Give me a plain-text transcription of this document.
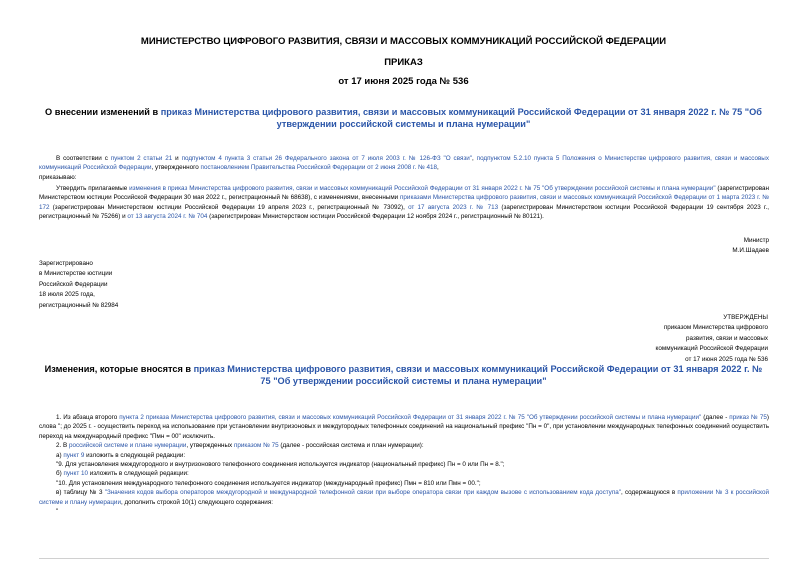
МИНИСТЕРСТВО ЦИФРОВОГО РАЗВИТИЯ, СВЯЗИ И МАССОВЫХ КОММУНИКАЦИЙ РОССИЙСКОЙ ФЕДЕРАЦИИ
ПРИКАЗ
от 17 июня 2025 года № 536
О внесении изменений в приказ Министерства цифрового развития, связи и массовых коммуникаций Российской Федерации от 31 января 2022 г. № 75 "Об утверждении российской системы и плана нумерации"

В соответствии с пунктом 2 статьи 21 и подпунктом 4 пункта 3 статьи 26 Федерального закона от 7 июля 2003 г. № 126-ФЗ "О связи", подпунктом 5.2.10 пункта 5 Положения о Министерстве цифрового развития, связи и массовых коммуникаций Российской Федерации, утвержденного постановлением Правительства Российской Федерации от 2 июня 2008 г. № 418,

приказываю:

Утвердить прилагаемые изменения в приказ Министерства цифрового развития, связи и массовых коммуникаций Российской Федерации от 31 января 2022 г. № 75 "Об утверждении российской системы и плана нумерации" (зарегистрирован Министерством юстиции Российской Федерации 30 мая 2022 г., регистрационный № 68638), с изменениями, внесенными приказами Министерства цифрового развития, связи и массовых коммуникаций Российской Федерации от 1 марта 2023 г. № 172 (зарегистрирован Министерством юстиции Российской Федерации 19 апреля 2023 г., регистрационный № 73092), от 17 августа 2023 г. № 713 (зарегистрирован Министерством юстиции Российской Федерации 19 сентября 2023 г., регистрационный № 75266) и от 13 августа 2024 г. № 704 (зарегистрирован Министерством юстиции Российской Федерации 12 ноября 2024 г., регистрационный № 80121).

Министр
М.И.Шадаев
Зарегистрировано
в Министерстве юстиции
Российской Федерации
18 июля 2025 года,
регистрационный № 82984
УТВЕРЖДЕНЫ
приказом Министерства цифрового
развития, связи и массовых
коммуникаций Российской Федерации
от 17 июня 2025 года № 536
Изменения, которые вносятся в приказ Министерства цифрового развития, связи и массовых коммуникаций Российской Федерации от 31 января 2022 г. № 75 "Об утверждении российской системы и плана нумерации"

1. Из абзаца второго пункта 2 приказа Министерства цифрового развития, связи и массовых коммуникаций Российской Федерации от 31 января 2022 г. № 75 "Об утверждении российской системы и плана нумерации" (далее - приказ № 75) слова "; до 2025 г. - осуществить переход на использование при установлении внутризоновых и междугородных телефонных соединений на национальный префикс "Пн = 0", при установлении международных телефонных соединений осуществить переход на международный префикс "Пмн = 00" исключить.

2. В российской системе и плане нумерации, утвержденных приказом № 75 (далее - российская система и план нумерации):

а) пункт 9 изложить в следующей редакции:

"9. Для установления междугородного и внутризонового телефонного соединения используется индикатор (национальный префикс) Пн = 0 или Пн = 8.";

б) пункт 10 изложить в следующей редакции:

"10. Для установления международного телефонного соединения используется индикатор (международный префикс) Пмн = 810 или Пмн = 00.";

в) таблицу № 3 "Значения кодов выбора операторов междугородной и международной телефонной связи при выборе оператора связи при каждом вызове с использованием кода доступа", содержащуюся в приложении № 3 к российской системе и плану нумерации, дополнить строкой 10(1) следующего содержания:

"
